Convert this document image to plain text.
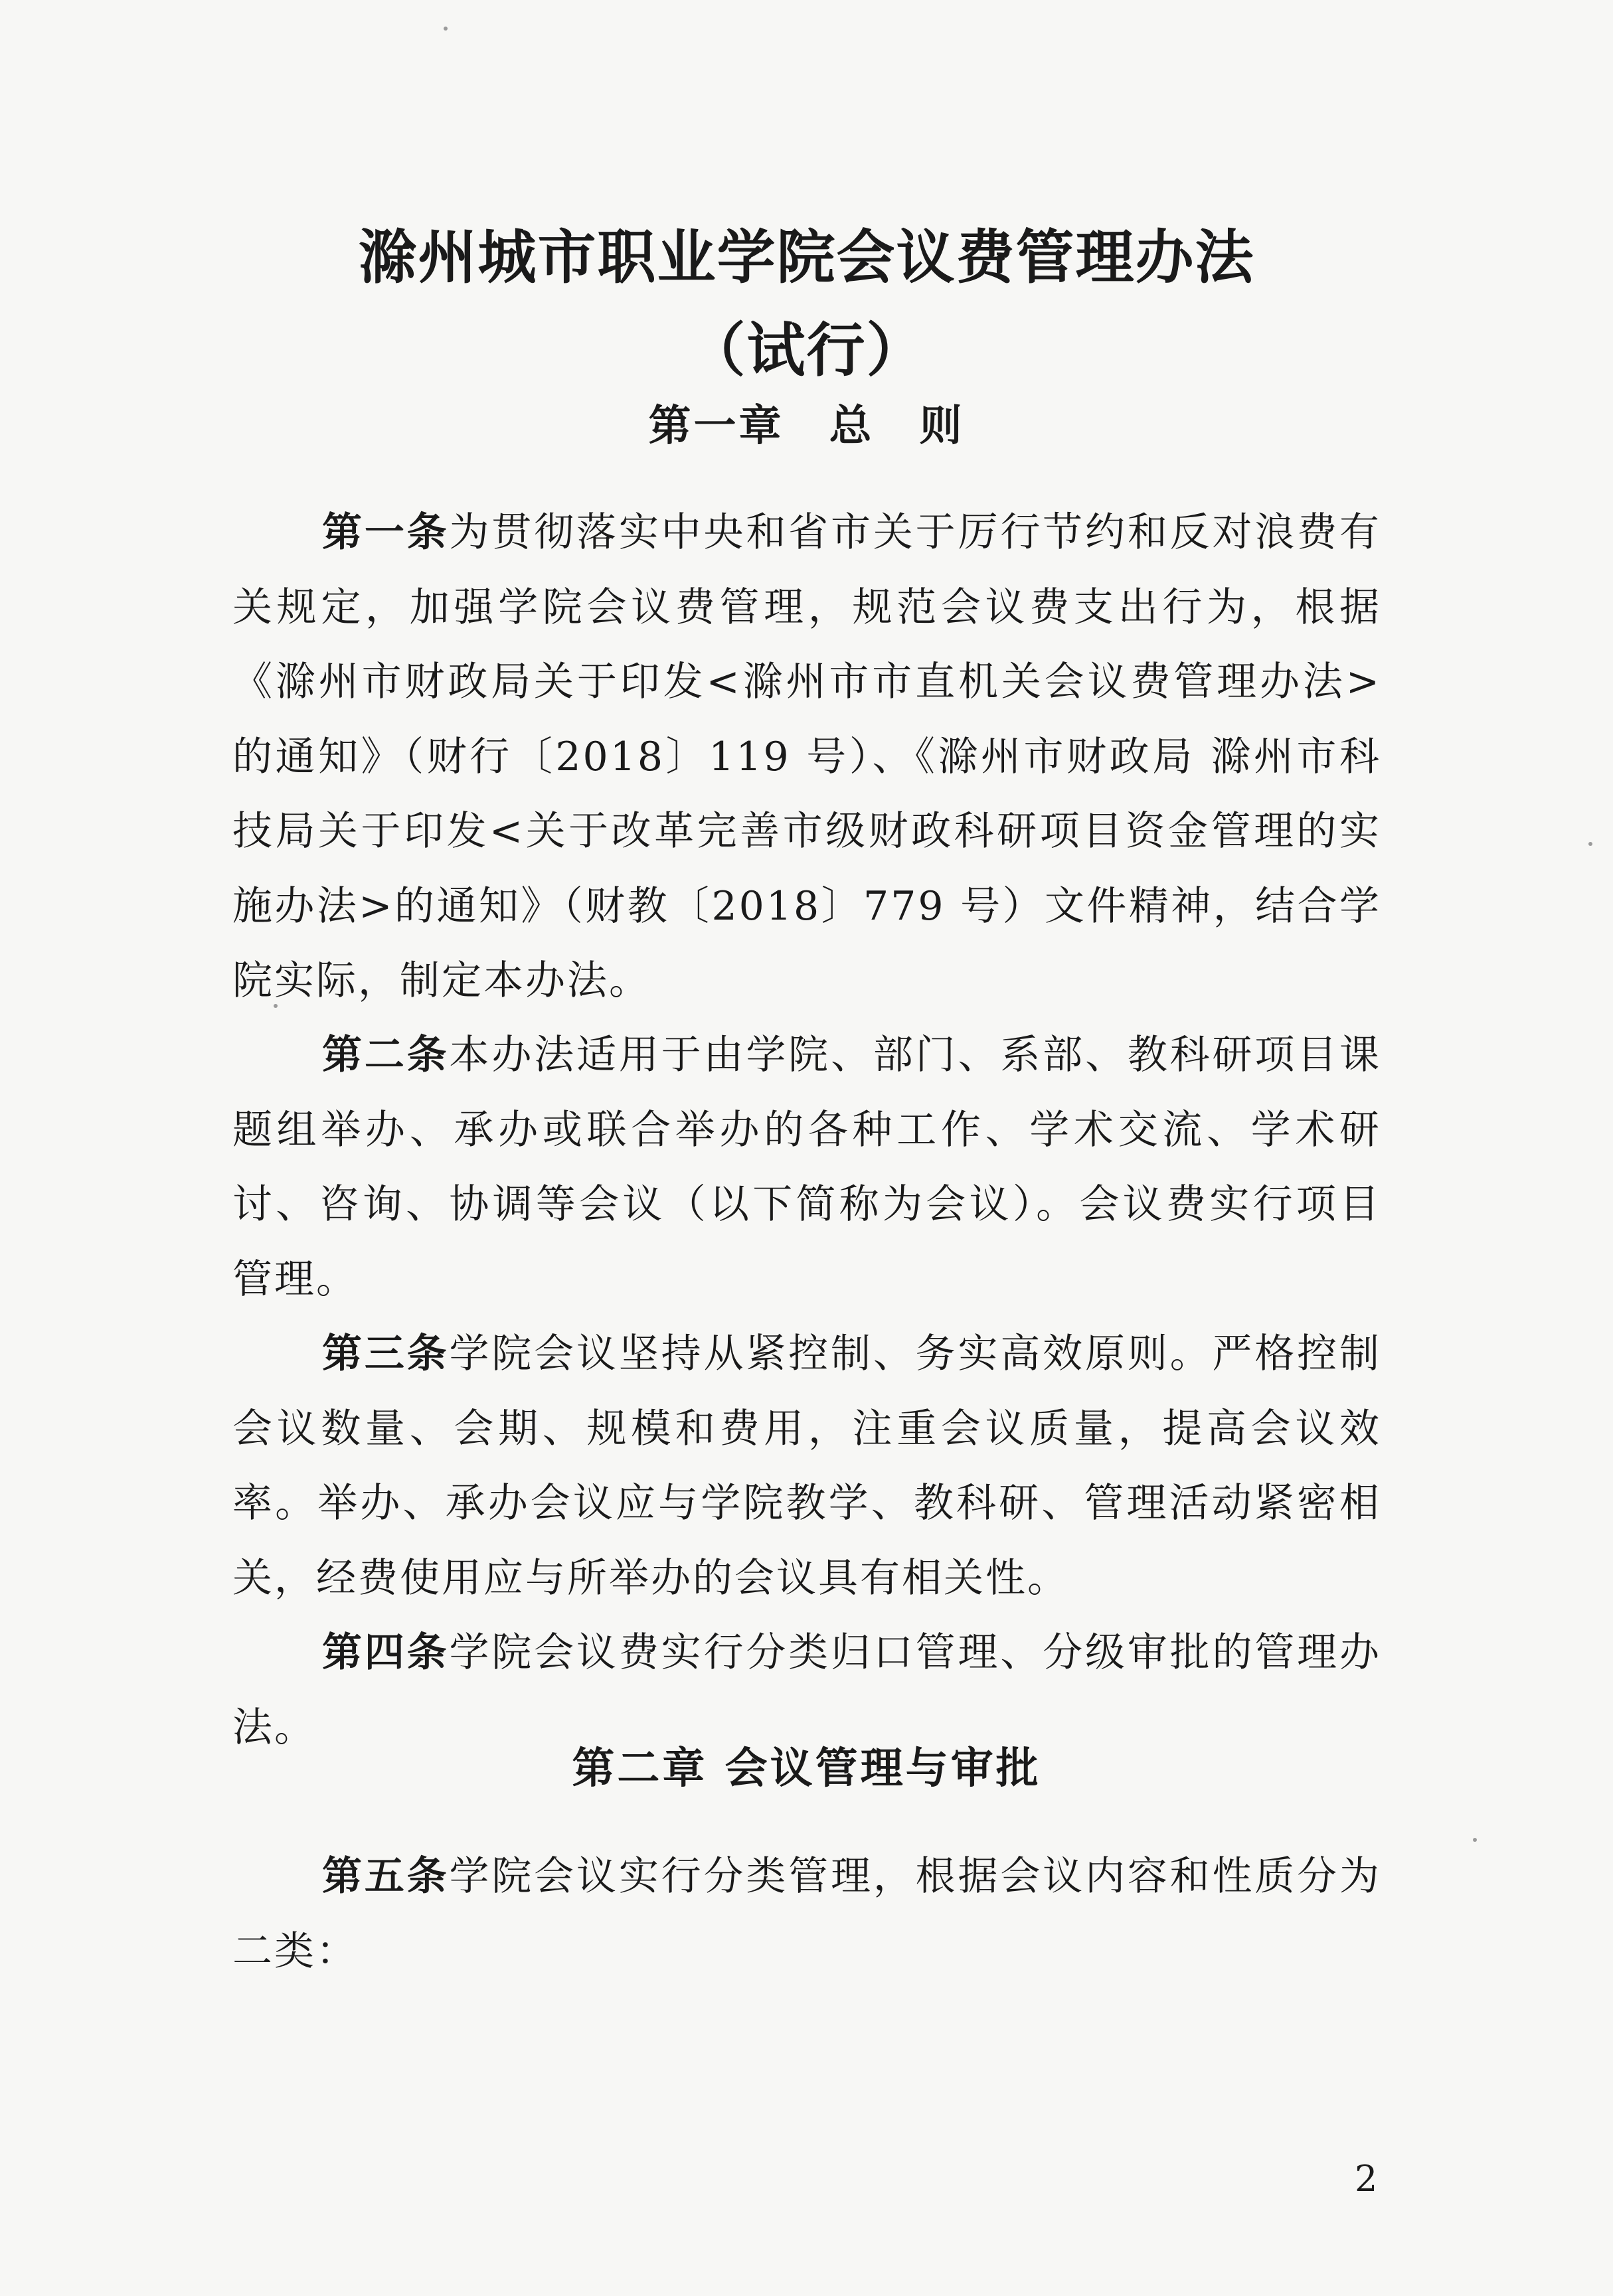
滁州城市职业学院会议费管理办法
（试行）
第一章　总　则

第一条为贯彻落实中央和省市关于厉行节约和反对浪费有关规定，加强学院会议费管理，规范会议费支出行为，根据《滁州市财政局关于印发<滁州市市直机关会议费管理办法>的通知》（财行〔2018〕119 号）、《滁州市财政局 滁州市科技局关于印发<关于改革完善市级财政科研项目资金管理的实施办法>的通知》（财教〔2018〕779 号）文件精神，结合学院实际，制定本办法。

第二条本办法适用于由学院、部门、系部、教科研项目课题组举办、承办或联合举办的各种工作、学术交流、学术研讨、咨询、协调等会议（以下简称为会议）。会议费实行项目管理。

第三条学院会议坚持从紧控制、务实高效原则。严格控制会议数量、会期、规模和费用，注重会议质量，提高会议效率。举办、承办会议应与学院教学、教科研、管理活动紧密相关，经费使用应与所举办的会议具有相关性。

第四条学院会议费实行分类归口管理、分级审批的管理办法。

第二章 会议管理与审批

第五条学院会议实行分类管理，根据会议内容和性质分为二类：

2
